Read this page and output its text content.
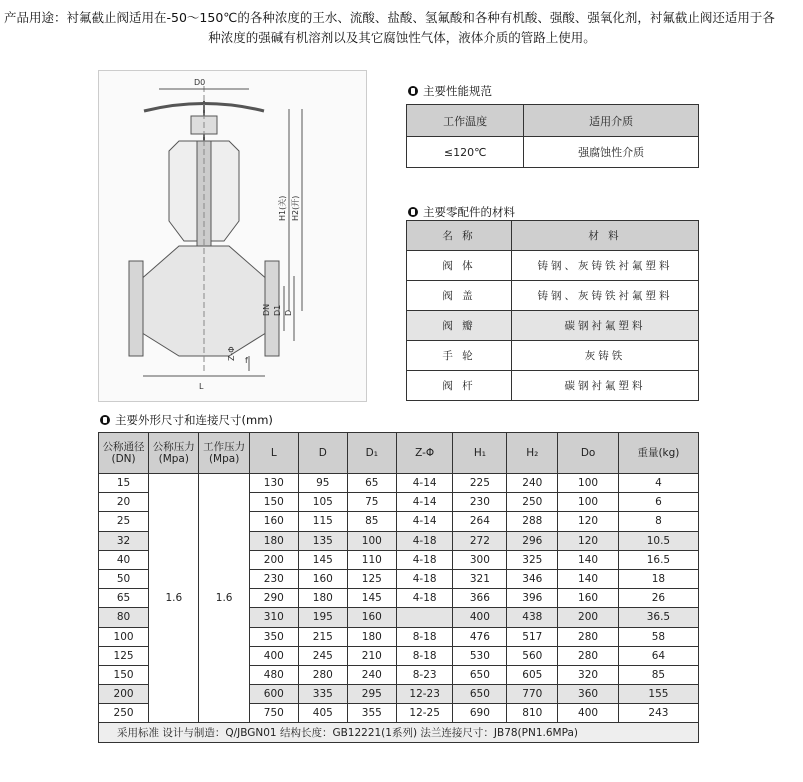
产品用途：衬氟截止阀适用在-50～150℃的各种浓度的王水、流酸、盐酸、氢氟酸和各种有机酸、强酸、强氧化剂，衬氟截止阀还适用于各

种浓度的强碱有机溶剂以及其它腐蚀性气体，液体介质的管路上使用。

D0
H1(关) H2(开)
DN D1 D
Z-Φ f
L
主要性能规范
工作温度	适用介质
≤120℃	强腐蚀性介质
主要零配件的材料
名 称	材 料
阀 体	铸钢、灰铸铁衬氟塑料
阀 盖	铸钢、灰铸铁衬氟塑料
阀 瓣	碳钢衬氟塑料
手 轮	灰铸铁
阀 杆	碳钢衬氟塑料
主要外形尺寸和连接尺寸(mm)
公称通径(DN)	公称压力(Mpa)	工作压力(Mpa)	L	D	D₁	Z-Φ	H₁	H₂	Do	重量(kg)
15	1.6	1.6	130	95	65	4-14	225	240	100	4
20			150	105	75	4-14	230	250	100	6
25			160	115	85	4-14	264	288	120	8
32			180	135	100	4-18	272	296	120	10.5
40			200	145	110	4-18	300	325	140	16.5
50			230	160	125	4-18	321	346	140	18
65			290	180	145	4-18	366	396	160	26
80			310	195	160		400	438	200	36.5
100			350	215	180	8-18	476	517	280	58
125			400	245	210	8-18	530	560	280	64
150			480	280	240	8-23	650	605	320	85
200			600	335	295	12-23	650	770	360	155
250			750	405	355	12-25	690	810	400	243
采用标准 设计与制造：Q/JBGN01 结构长度：GB12221(1系列) 法兰连接尺寸：JB78(PN1.6MPa)										
